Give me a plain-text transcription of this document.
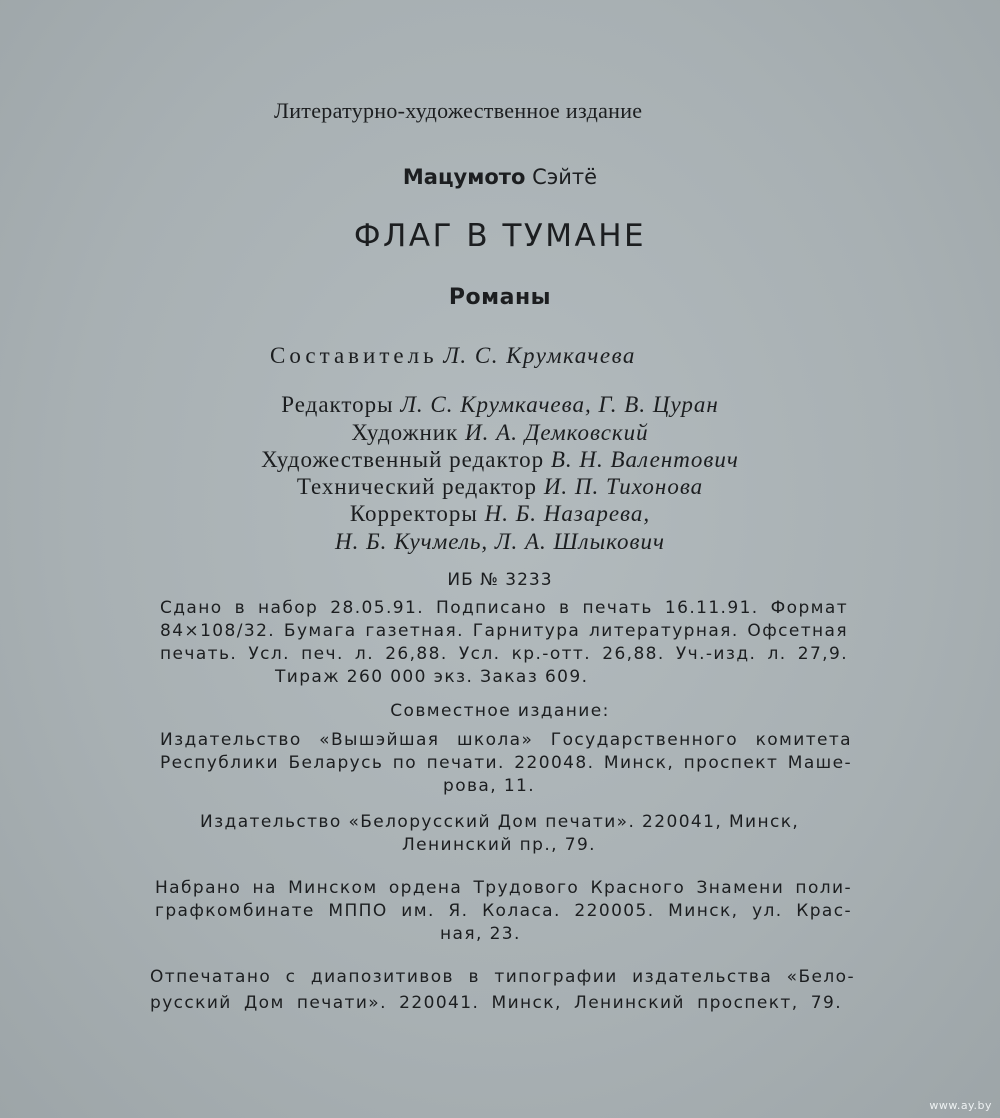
Литературно-художественное издание
Мацумото Сэйтё
ФЛАГ В ТУМАНЕ
Романы
Составитель Л. С. Крумкачева
Редакторы Л. С. Крумкачева, Г. В. Цуран
Художник И. А. Демковский
Художественный редактор В. Н. Валентович
Технический редактор И. П. Тихонова
Корректоры Н. Б. Назарева,
Н. Б. Кучмель, Л. А. Шлыкович
ИБ № 3233
Сдано в набор 28.05.91. Подписано в печать 16.11.91. Формат
84×108/32. Бумага газетная. Гарнитура литературная. Офсетная
печать. Усл. печ. л. 26,88. Усл. кр.-отт. 26,88. Уч.-изд. л. 27,9.
Тираж 260 000 экз. Заказ 609.
Совместное издание:
Издательство «Вышэйшая школа» Государственного комитета
Республики Беларусь по печати. 220048. Минск, проспект Маше-
рова, 11.
Издательство «Белорусский Дом печати». 220041, Минск,
Ленинский пр., 79.
Набрано на Минском ордена Трудового Красного Знамени поли-
графкомбинате МППО им. Я. Коласа. 220005. Минск, ул. Крас-
ная, 23.
Отпечатано с диапозитивов в типографии издательства «Бело-
русский Дом печати». 220041. Минск, Ленинский проспект, 79.
www.ay.by
